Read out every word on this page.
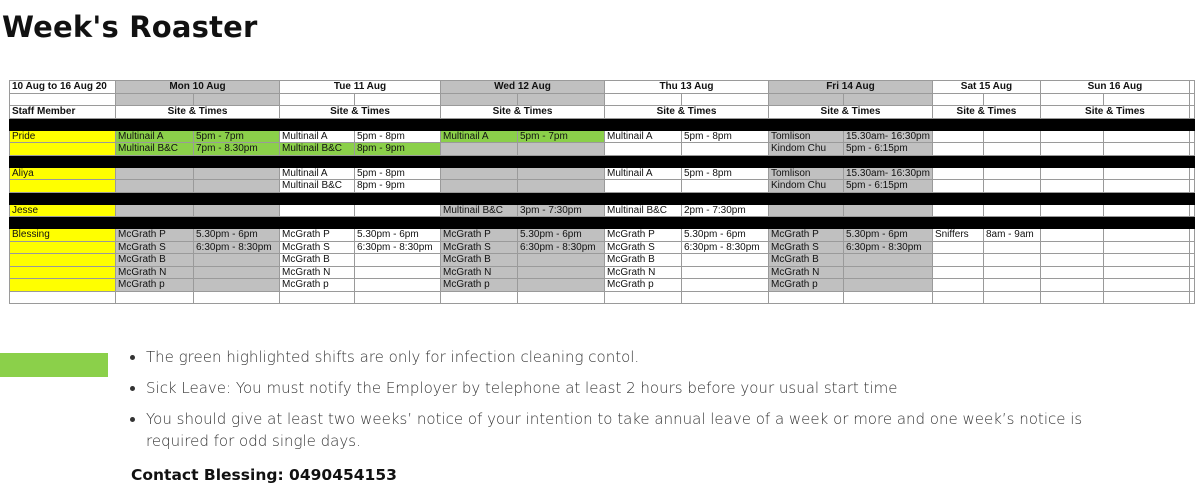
Week's Roaster
10 Aug to 16 Aug 20	Mon 10 Aug		Tue 11 Aug		Wed 12 Aug		Thu 13 Aug		Fri 14 Aug		Sat 15 Aug		Sun 16 Aug		

Staff Member	Site & Times		Site & Times		Site & Times		Site & Times		Site & Times		Site & Times		Site & Times		

Pride	Multinail A	5pm - 7pm	Multinail A	5pm - 8pm	Multinail A	5pm - 7pm	Multinail A	5pm - 8pm	Tomlison	15.30am- 16:30pm					
	Multinail B&C	7pm - 8.30pm	Multinail B&C	8pm - 9pm					Kindom Chu	5pm - 6:15pm					

Aliya			Multinail A	5pm - 8pm			Multinail A	5pm - 8pm	Tomlison	15.30am- 16:30pm					
			Multinail B&C	8pm - 9pm					Kindom Chu	5pm - 6:15pm					

Jesse					Multinail B&C	3pm - 7:30pm	Multinail B&C	2pm - 7:30pm							

Blessing	McGrath P	5.30pm - 6pm	McGrath P	5.30pm - 6pm	McGrath P	5.30pm - 6pm	McGrath P	5.30pm - 6pm	McGrath P	5.30pm - 6pm	Sniffers	8am - 9am			
	McGrath S	6:30pm - 8:30pm	McGrath S	6:30pm - 8:30pm	McGrath S	6:30pm - 8:30pm	McGrath S	6:30pm - 8:30pm	McGrath S	6:30pm - 8:30pm					
	McGrath B		McGrath B		McGrath B		McGrath B		McGrath B						
	McGrath N		McGrath N		McGrath N		McGrath N		McGrath N						
	McGrath p		McGrath p		McGrath p		McGrath p		McGrath p						

• The green highlighted shifts are only for infection cleaning contol.
• Sick Leave: You must notify the Employer by telephone at least 2 hours before your usual start time
• You should give at least two weeks’ notice of your intention to take annual leave of a week or more and one week’s notice is required for odd single days.
Contact Blessing: 0490454153
